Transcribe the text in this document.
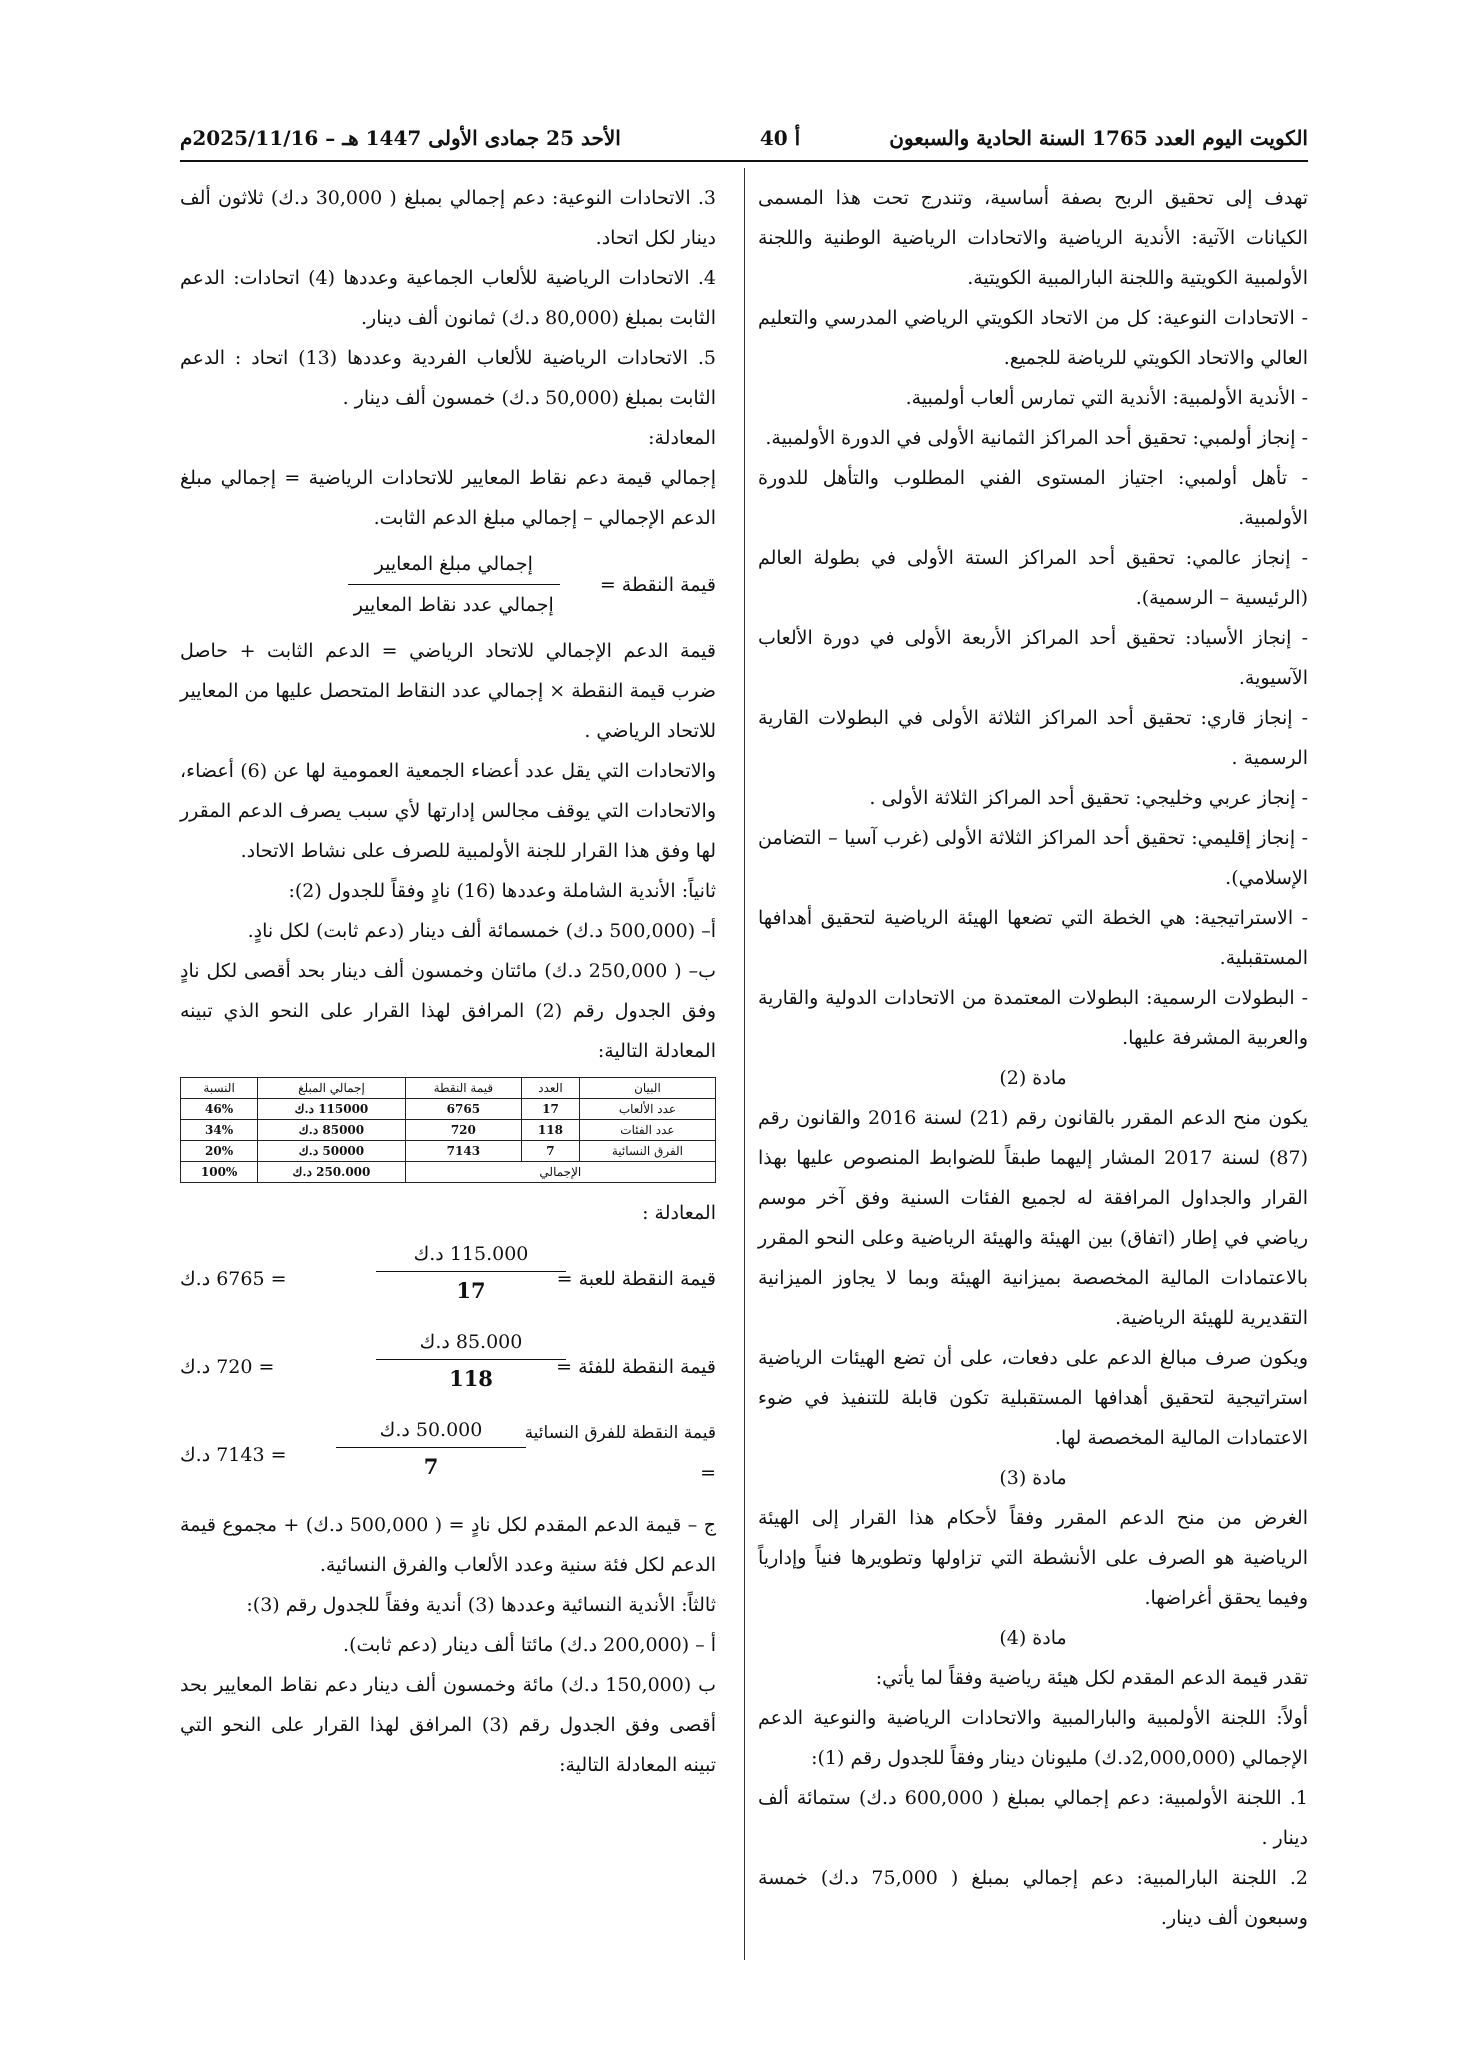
الكويت اليوم العدد 1765 السنة الحادية والسبعون
أ 40
الأحد 25 جمادى الأولى 1447 هـ – 2025/11/16م

تهدف إلى تحقيق الربح بصفة أساسية، وتندرج تحت هذا المسمى الكيانات الآتية: الأندية الرياضية والاتحادات الرياضية الوطنية واللجنة الأولمبية الكويتية واللجنة البارالمبية الكويتية.

- الاتحادات النوعية: كل من الاتحاد الكويتي الرياضي المدرسي والتعليم العالي والاتحاد الكويتي للرياضة للجميع.

- الأندية الأولمبية: الأندية التي تمارس ألعاب أولمبية.

- إنجاز أولمبي: تحقيق أحد المراكز الثمانية الأولى في الدورة الأولمبية.

- تأهل أولمبي: اجتياز المستوى الفني المطلوب والتأهل للدورة الأولمبية.

- إنجاز عالمي: تحقيق أحد المراكز الستة الأولى في بطولة العالم (الرئيسية – الرسمية).

- إنجاز الأسياد: تحقيق أحد المراكز الأربعة الأولى في دورة الألعاب الآسيوية.

- إنجاز قاري: تحقيق أحد المراكز الثلاثة الأولى في البطولات القارية الرسمية .

- إنجاز عربي وخليجي: تحقيق أحد المراكز الثلاثة الأولى .

- إنجاز إقليمي: تحقيق أحد المراكز الثلاثة الأولى (غرب آسيا – التضامن الإسلامي).

- الاستراتيجية: هي الخطة التي تضعها الهيئة الرياضية لتحقيق أهدافها المستقبلية.

- البطولات الرسمية: البطولات المعتمدة من الاتحادات الدولية والقارية والعربية المشرفة عليها.

مادة (2)

يكون منح الدعم المقرر بالقانون رقم (21) لسنة 2016 والقانون رقم (87) لسنة 2017 المشار إليهما طبقاً للضوابط المنصوص عليها بهذا القرار والجداول المرافقة له لجميع الفئات السنية وفق آخر موسم رياضي في إطار (اتفاق) بين الهيئة والهيئة الرياضية وعلى النحو المقرر بالاعتمادات المالية المخصصة بميزانية الهيئة وبما لا يجاوز الميزانية التقديرية للهيئة الرياضية.

ويكون صرف مبالغ الدعم على دفعات، على أن تضع الهيئات الرياضية استراتيجية لتحقيق أهدافها المستقبلية تكون قابلة للتنفيذ في ضوء الاعتمادات المالية المخصصة لها.

مادة (3)

الغرض من منح الدعم المقرر وفقاً لأحكام هذا القرار إلى الهيئة الرياضية هو الصرف على الأنشطة التي تزاولها وتطويرها فنياً وإدارياً وفيما يحقق أغراضها.

مادة (4)

تقدر قيمة الدعم المقدم لكل هيئة رياضية وفقاً لما يأتي:

أولاً: اللجنة الأولمبية والبارالمبية والاتحادات الرياضية والنوعية الدعم الإجمالي (2,000,000د.ك) مليونان دينار وفقاً للجدول رقم (1):

1. اللجنة الأولمبية: دعم إجمالي بمبلغ ( 600,000 د.ك) ستمائة ألف دينار .

2. اللجنة البارالمبية: دعم إجمالي بمبلغ ( 75,000 د.ك) خمسة وسبعون ألف دينار.

3. الاتحادات النوعية: دعم إجمالي بمبلغ ( 30,000 د.ك) ثلاثون ألف دينار لكل اتحاد.

4. الاتحادات الرياضية للألعاب الجماعية وعددها (4) اتحادات: الدعم الثابت بمبلغ (80,000 د.ك) ثمانون ألف دينار.

5. الاتحادات الرياضية للألعاب الفردية وعددها (13) اتحاد : الدعم الثابت بمبلغ (50,000 د.ك) خمسون ألف دينار .

المعادلة:

إجمالي قيمة دعم نقاط المعايير للاتحادات الرياضية = إجمالي مبلغ الدعم الإجمالي – إجمالي مبلغ الدعم الثابت.

قيمة النقطة =
$\frac{\text{إجمالي مبلغ المعايير}}{\text{إجمالي عدد نقاط المعايير}}$

قيمة الدعم الإجمالي للاتحاد الرياضي = الدعم الثابت + حاصل ضرب قيمة النقطة × إجمالي عدد النقاط المتحصل عليها من المعايير للاتحاد الرياضي .

والاتحادات التي يقل عدد أعضاء الجمعية العمومية لها عن (6) أعضاء، والاتحادات التي يوقف مجالس إدارتها لأي سبب يصرف الدعم المقرر لها وفق هذا القرار للجنة الأولمبية للصرف على نشاط الاتحاد.

ثانياً: الأندية الشاملة وعددها (16) نادٍ وفقاً للجدول (2):

أ– (500,000 د.ك) خمسمائة ألف دينار (دعم ثابت) لكل نادٍ.

ب– ( 250,000 د.ك) مائتان وخمسون ألف دينار بحد أقصى لكل نادٍ وفق الجدول رقم (2) المرافق لهذا القرار على النحو الذي تبينه المعادلة التالية:

البيان	العدد	قيمة النقطة	إجمالي المبلغ	النسبة
عدد الألعاب	17	6765	115000 د.ك	46%
عدد الفئات	118	720	85000 د.ك	34%
الفرق النسائية	7	7143	50000 د.ك	20%
الإجمالي			250.000 د.ك	100%

المعادلة :

قيمة النقطة للعبة =
115.000 د.ك
17
= 6765 د.ك
قيمة النقطة للفئة =
85.000 د.ك
118
= 720 د.ك
قيمة النقطة للفرق النسائية
=
50.000 د.ك
7
= 7143 د.ك

ج – قيمة الدعم المقدم لكل نادٍ = ( 500,000 د.ك) + مجموع قيمة الدعم لكل فئة سنية وعدد الألعاب والفرق النسائية.

ثالثاً: الأندية النسائية وعددها (3) أندية وفقاً للجدول رقم (3):

أ – (200,000 د.ك) مائتا ألف دينار (دعم ثابت).

ب (150,000 د.ك) مائة وخمسون ألف دينار دعم نقاط المعايير بحد أقصى وفق الجدول رقم (3) المرافق لهذا القرار على النحو التي تبينه المعادلة التالية:
